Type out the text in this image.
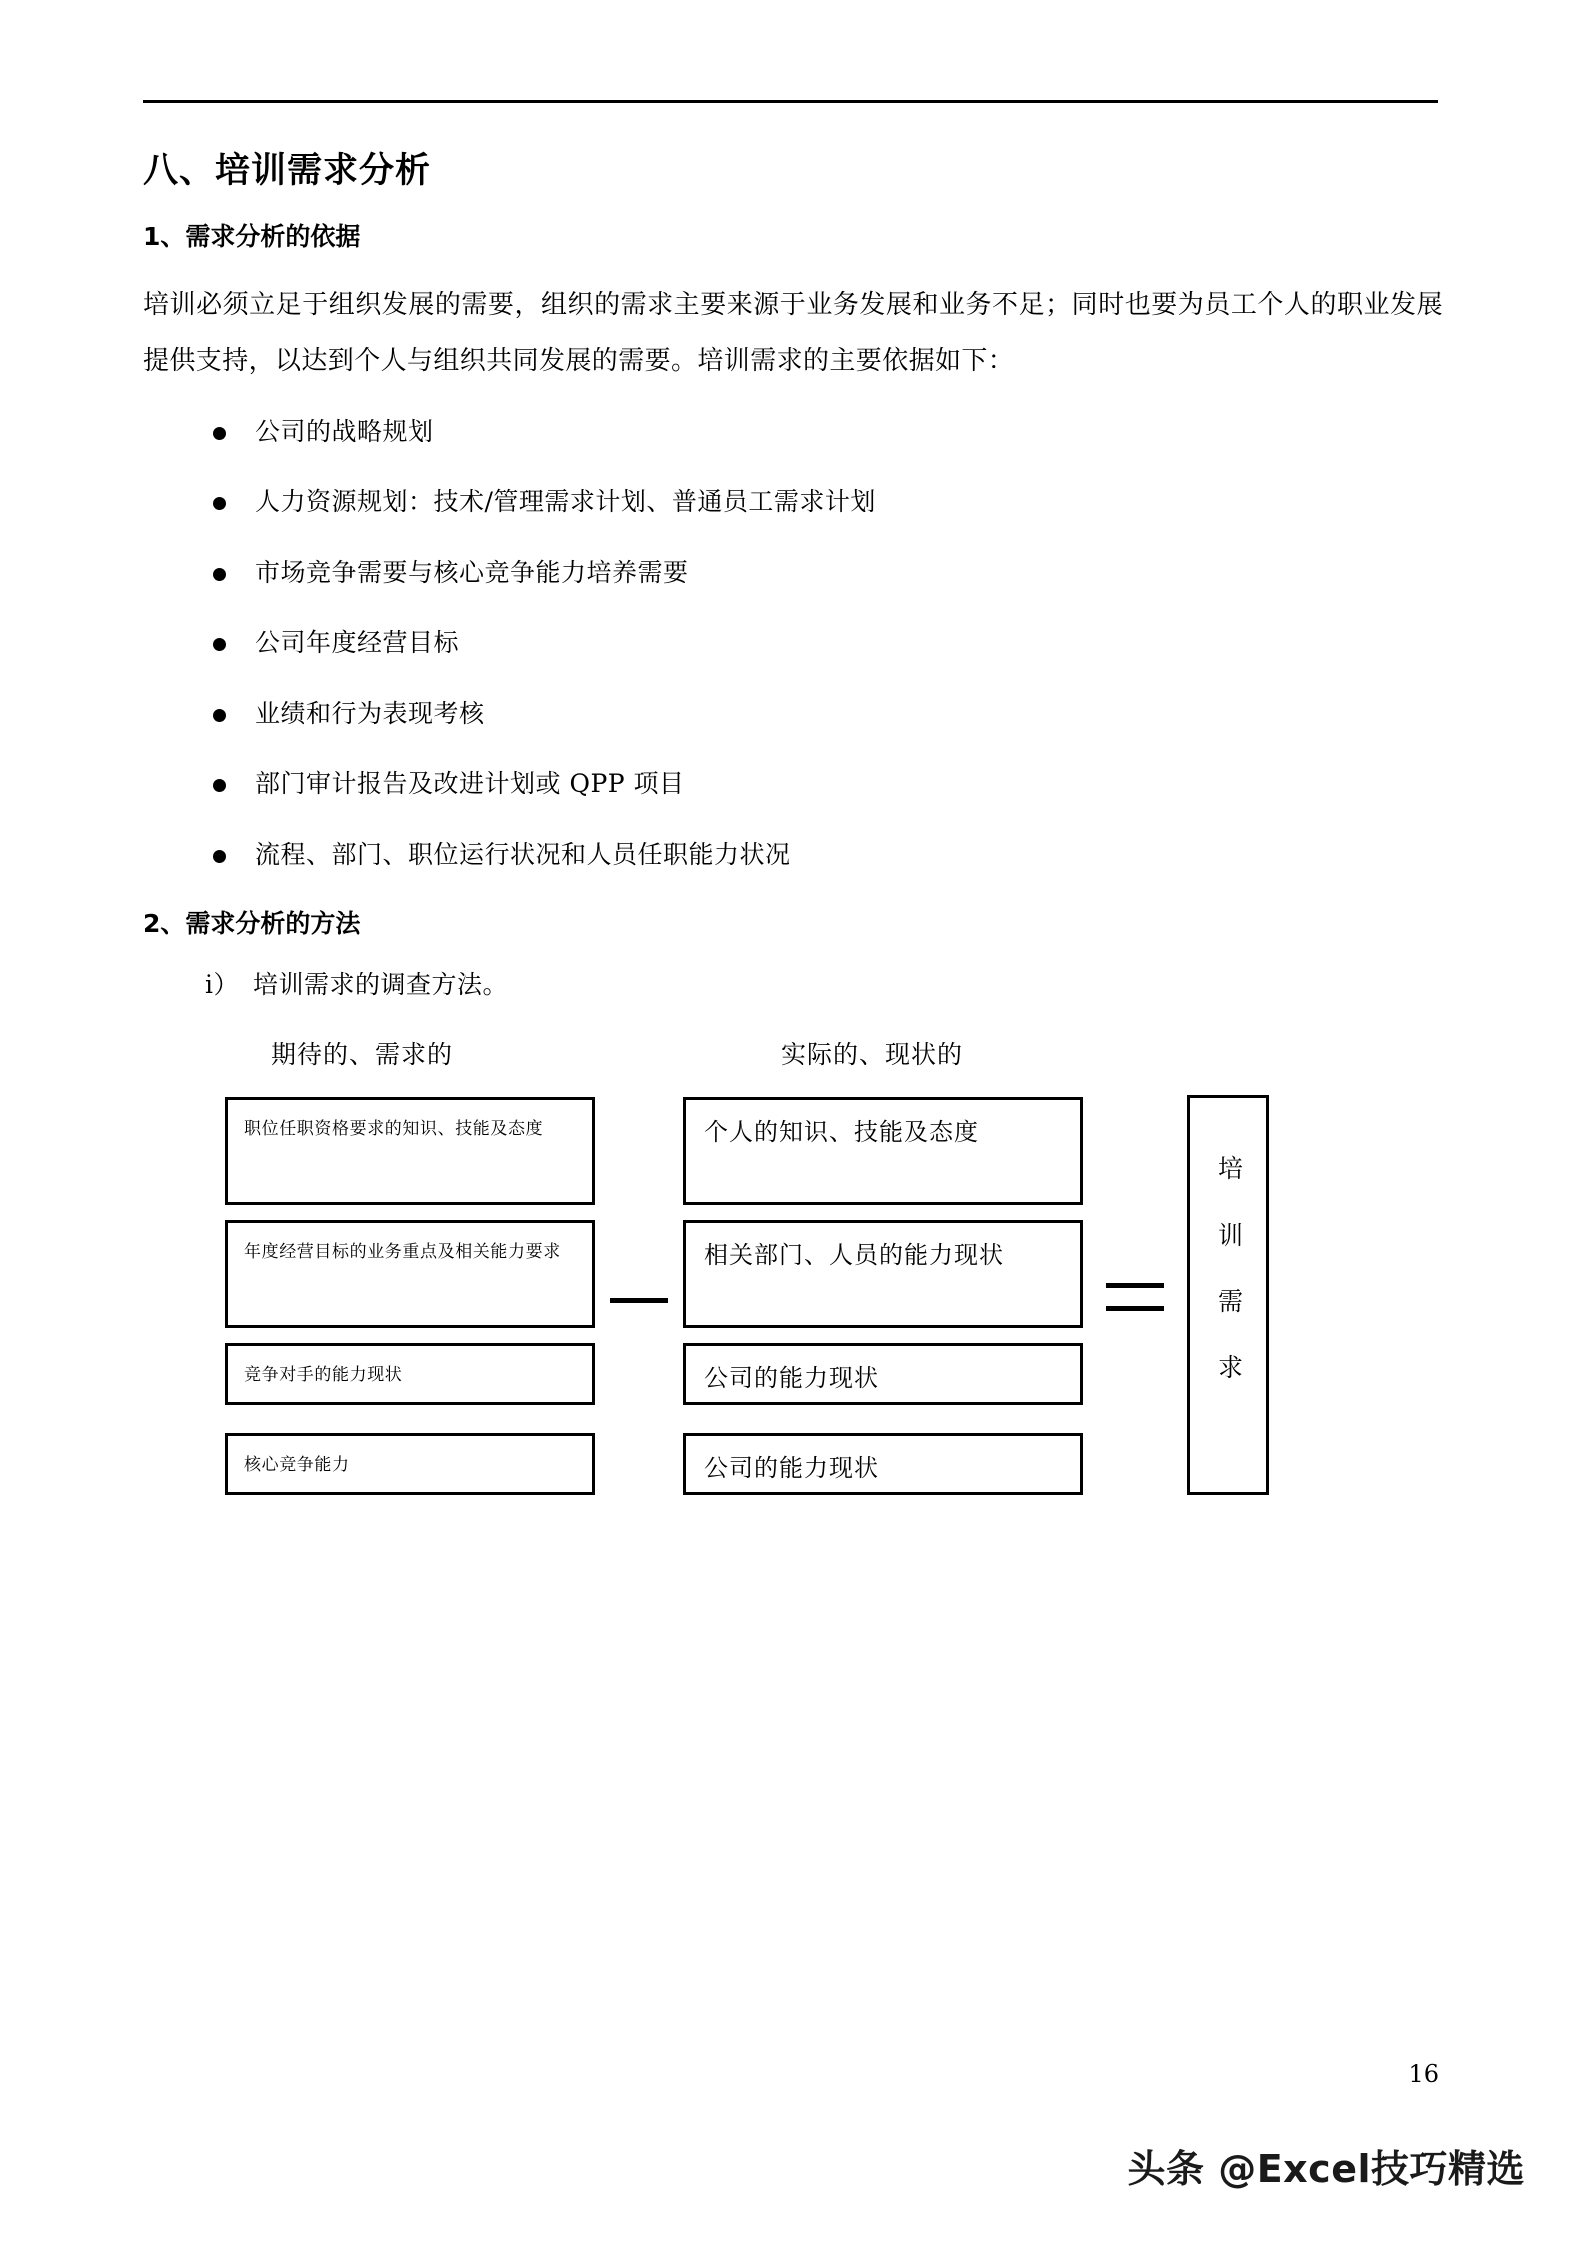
八、培训需求分析
1、需求分析的依据

培训必须立足于组织发展的需要，组织的需求主要来源于业务发展和业务不足；同时也要为员工个人的职业发展提供支持，以达到个人与组织共同发展的需要。培训需求的主要依据如下：

公司的战略规划
人力资源规划：技术/管理需求计划、普通员工需求计划
市场竞争需要与核心竞争能力培养需要
公司年度经营目标
业绩和行为表现考核
部门审计报告及改进计划或 QPP 项目
流程、部门、职位运行状况和人员任职能力状况
2、需求分析的方法
i） 培训需求的调查方法。
期待的、需求的	实际的、现状的
职位任职资格要求的知识、技能及态度
年度经营目标的业务重点及相关能力要求
竞争对手的能力现状
核心竞争能力
个人的知识、技能及态度
相关部门、人员的能力现状
公司的能力现状
公司的能力现状
培
训
需
求
16
头条 @Excel技巧精选
